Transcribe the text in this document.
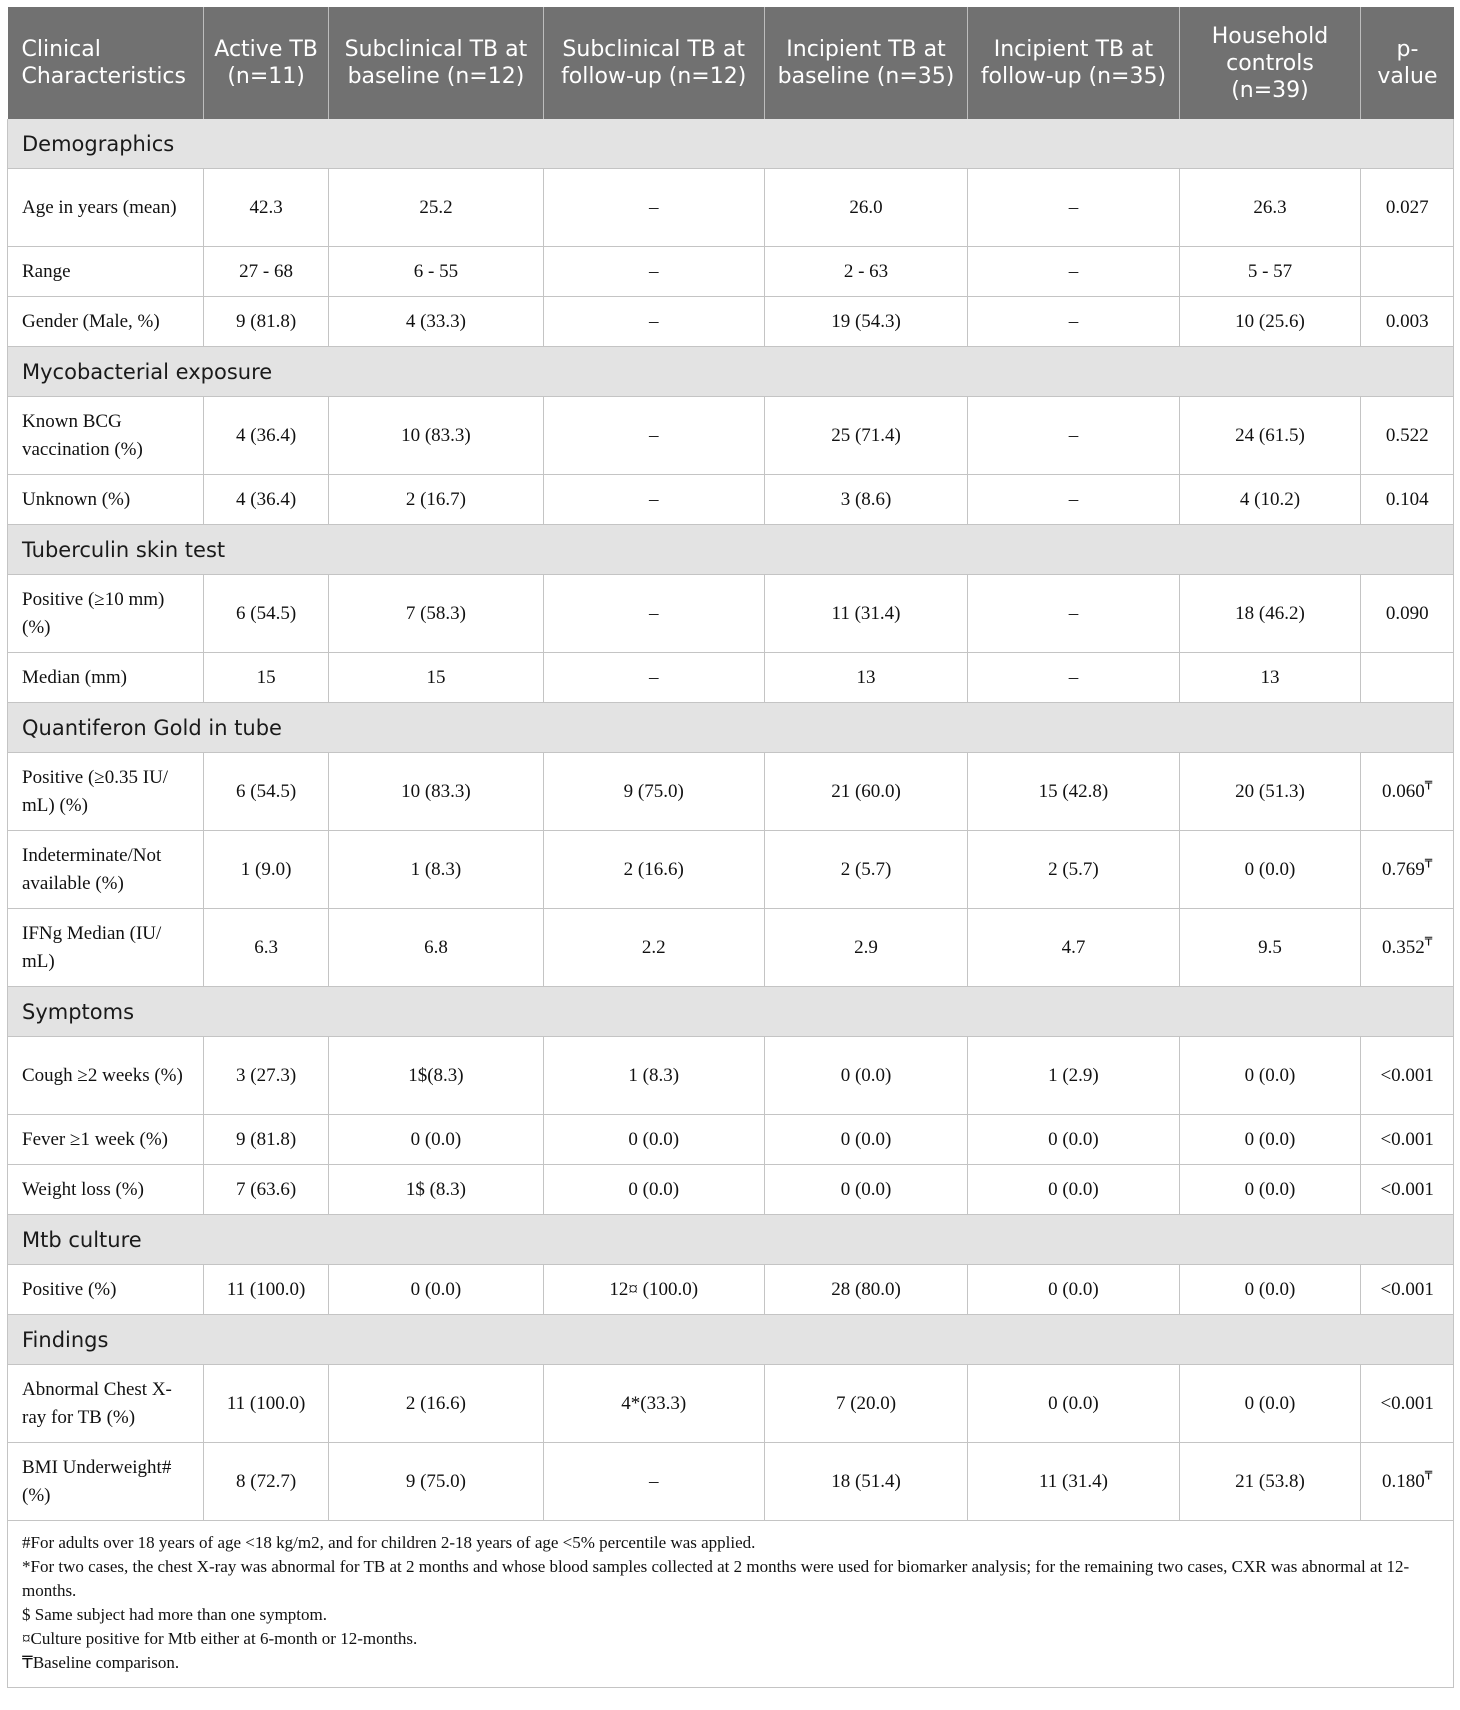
Clinical Characteristics	Active TB (n=11)	Subclinical TB at baseline (n=12)	Subclinical TB at follow-up (n=12)	Incipient TB at baseline (n=35)	Incipient TB at follow-up (n=35)	Household controls (n=39)	p-value
Demographics							
Age in years (mean)	42.3	25.2	–	26.0	–	26.3	0.027
Range	27 - 68	6 - 55	–	2 - 63	–	5 - 57	
Gender (Male, %)	9 (81.8)	4 (33.3)	–	19 (54.3)	–	10 (25.6)	0.003
Mycobacterial exposure							
Known BCG vaccination (%)	4 (36.4)	10 (83.3)	–	25 (71.4)	–	24 (61.5)	0.522
Unknown (%)	4 (36.4)	2 (16.7)	–	3 (8.6)	–	4 (10.2)	0.104
Tuberculin skin test							
Positive (≥10 mm) (%)	6 (54.5)	7 (58.3)	–	11 (31.4)	–	18 (46.2)	0.090
Median (mm)	15	15	–	13	–	13	
Quantiferon Gold in tube							
Positive (≥0.35 IU/ mL) (%)	6 (54.5)	10 (83.3)	9 (75.0)	21 (60.0)	15 (42.8)	20 (51.3)	0.060₸
Indeterminate/Not available (%)	1 (9.0)	1 (8.3)	2 (16.6)	2 (5.7)	2 (5.7)	0 (0.0)	0.769₸
IFNg Median (IU/ mL)	6.3	6.8	2.2	2.9	4.7	9.5	0.352₸
Symptoms							
Cough ≥2 weeks (%)	3 (27.3)	1$(8.3)	1 (8.3)	0 (0.0)	1 (2.9)	0 (0.0)	<0.001
Fever ≥1 week (%)	9 (81.8)	0 (0.0)	0 (0.0)	0 (0.0)	0 (0.0)	0 (0.0)	<0.001
Weight loss (%)	7 (63.6)	1$ (8.3)	0 (0.0)	0 (0.0)	0 (0.0)	0 (0.0)	<0.001
Mtb culture							
Positive (%)	11 (100.0)	0 (0.0)	12¤ (100.0)	28 (80.0)	0 (0.0)	0 (0.0)	<0.001
Findings							
Abnormal Chest X-ray for TB (%)	11 (100.0)	2 (16.6)	4*(33.3)	7 (20.0)	0 (0.0)	0 (0.0)	<0.001
BMI Underweight# (%)	8 (72.7)	9 (75.0)	–	18 (51.4)	11 (31.4)	21 (53.8)	0.180₸
#For adults over 18 years of age <18 kg/m2, and for children 2-18 years of age <5% percentile was applied.
*For two cases, the chest X-ray was abnormal for TB at 2 months and whose blood samples collected at 2 months were used for biomarker analysis; for the remaining two cases, CXR was abnormal at 12-months.
$ Same subject had more than one symptom.
¤Culture positive for Mtb either at 6-month or 12-months.
₸Baseline comparison.
